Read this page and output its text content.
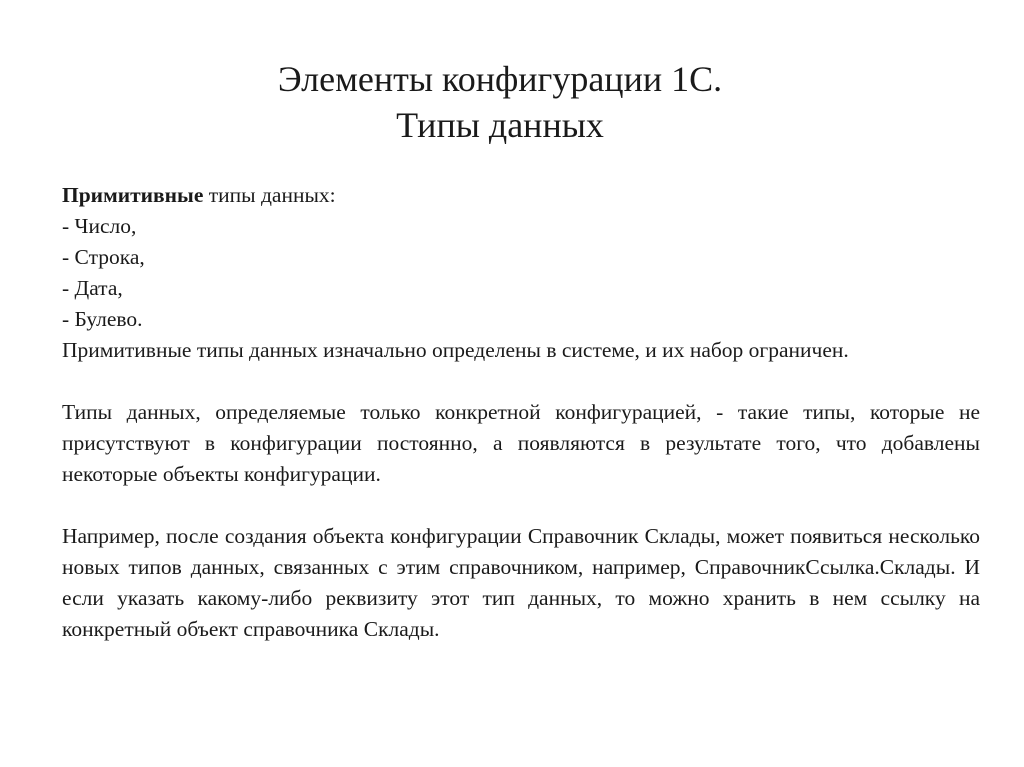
Элементы конфигурации 1С.
Типы данных

Примитивные типы данных:

- Число,

- Строка,

- Дата,

- Булево.

Примитивные типы данных изначально определены в системе, и их набор ограничен.

Типы данных, определяемые только конкретной конфигурацией, - такие типы, которые не присутствуют в конфигурации постоянно, а появляются в результате того, что добавлены некоторые объекты конфигурации.

Например, после создания объекта конфигурации Справочник Склады, может появиться несколько новых типов данных, связанных с этим справочником, например, СправочникСсылка.Склады. И если указать какому-либо реквизиту этот тип данных, то можно хранить в нем ссылку на конкретный объект справочника Склады.
